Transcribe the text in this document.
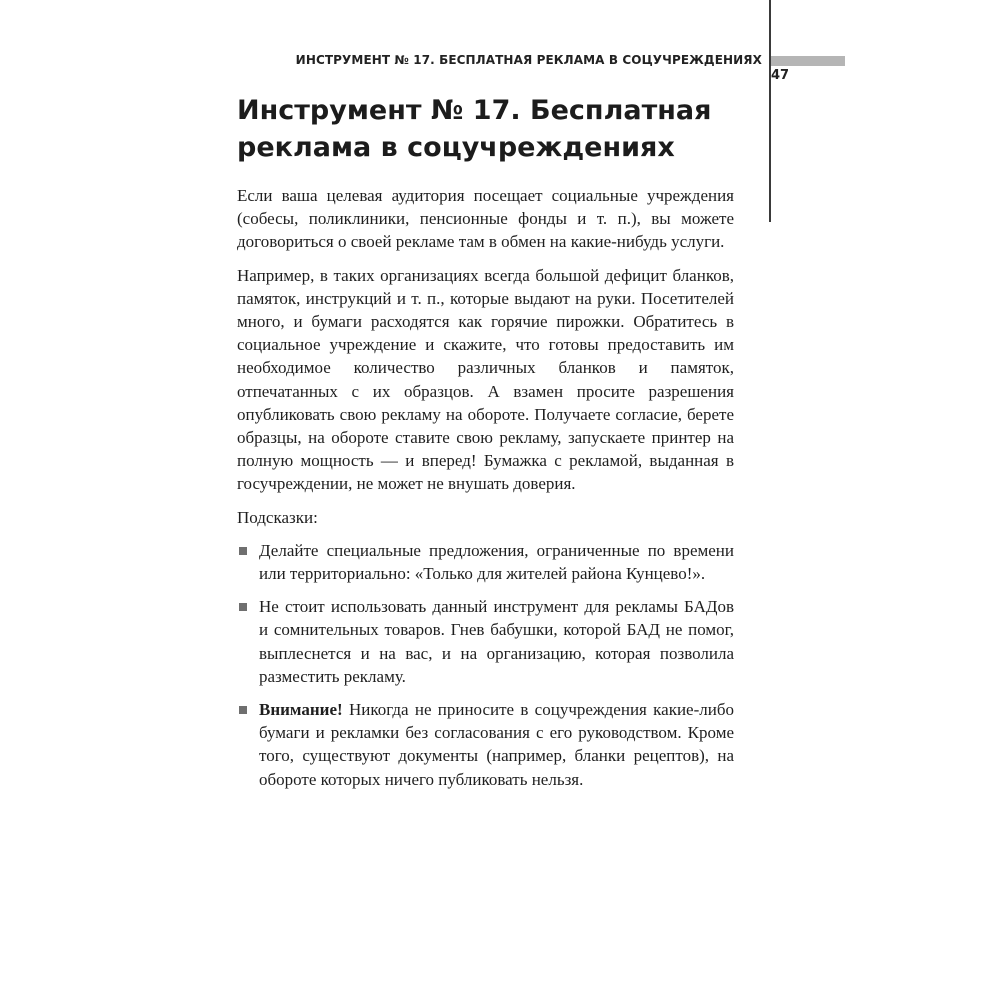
47
ИНСТРУМЕНТ № 17. БЕСПЛАТНАЯ РЕКЛАМА В СОЦУЧРЕЖДЕНИЯХ
Инструмент № 17. Бесплатная
реклама в соцучреждениях

Если ваша целевая аудитория посещает социальные учреждения (собесы, поликлиники, пенсионные фонды и т. п.), вы можете договориться о своей рекламе там в обмен на какие-нибудь услуги.

Например, в таких организациях всегда большой дефицит бланков, памяток, инструкций и т. п., которые выдают на руки. Посетителей много, и бумаги расходятся как горячие пирожки. Обратитесь в социальное учреждение и скажите, что готовы предоставить им необходимое количество различных бланков и памяток, отпечатанных с их образцов. А взамен просите разрешения опубликовать свою рекламу на обороте. Получаете согласие, берете образцы, на обороте ставите свою рекламу, запускаете принтер на полную мощность — и вперед! Бумажка с рекламой, выданная в госучреждении, не может не внушать доверия.

Подсказки:

Делайте специальные предложения, ограниченные по времени или территориально: «Только для жителей района Кунцево!».
Не стоит использовать данный инструмент для рекламы БАДов и сомнительных товаров. Гнев бабушки, которой БАД не помог, выплеснется и на вас, и на организацию, которая позволила разместить рекламу.
Внимание! Никогда не приносите в соцучреждения какие-либо бумаги и рекламки без согласования с его руководством. Кроме того, существуют документы (например, бланки рецептов), на обороте которых ничего публиковать нельзя.
